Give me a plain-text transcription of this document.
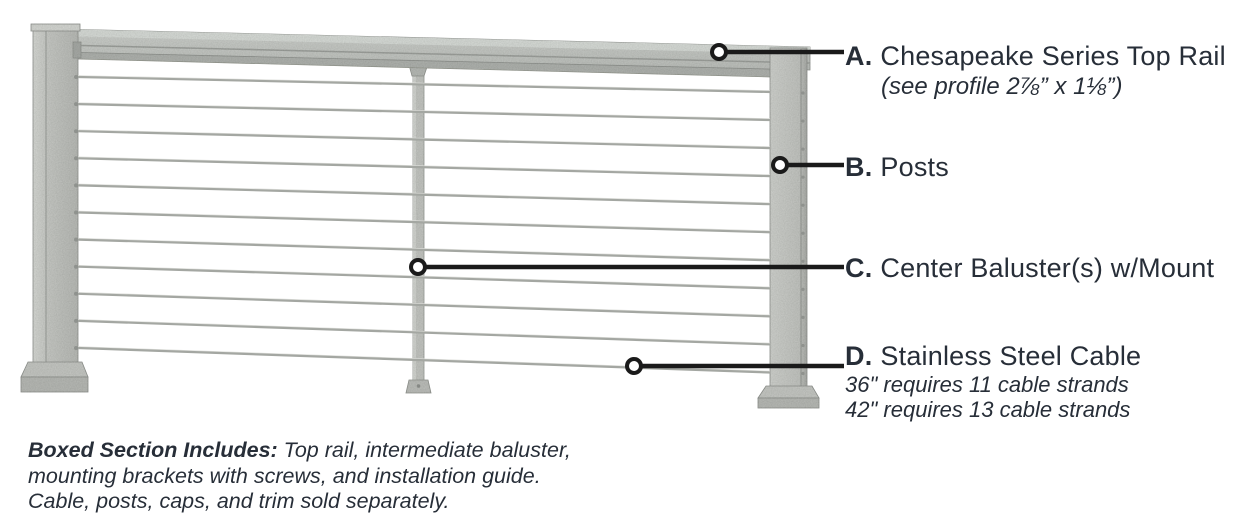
A. Chesapeake Series Top Rail
(see profile 2⅞” x 1⅛”)
B. Posts
C. Center Baluster(s) w/Mount
D. Stainless Steel Cable
36" requires 11 cable strands
42" requires 13 cable strands
Boxed Section Includes: Top rail, intermediate baluster,
mounting brackets with screws, and installation guide.
Cable, posts, caps, and trim sold separately.
